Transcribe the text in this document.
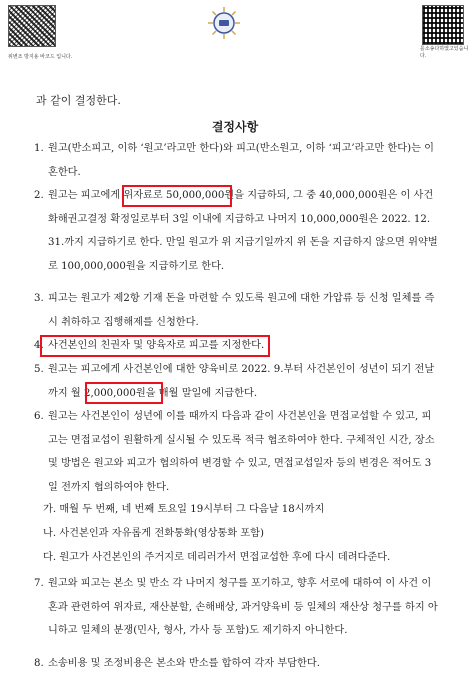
위변조 방지용 바코드 입니다.
를소송다하였고있습니다.
과 같이 결정한다.
결정사항
1. 원고(반소피고, 이하 ‘원고’라고만 한다)와 피고(반소원고, 이하 ‘피고’라고만 한다)는 이혼한다.
2. 원고는 피고에게 위자료로 50,000,000원을 지급하되, 그 중 40,000,000원은 이 사건 화해권고결정 확정일로부터 3일 이내에 지급하고 나머지 10,000,000원은 2022. 12. 31.까지 지급하기로 한다. 만일 원고가 위 지급기일까지 위 돈을 지급하지 않으면 위약벌로 100,000,000원을 지급하기로 한다.
3. 피고는 원고가 제2항 기재 돈을 마련할 수 있도록 원고에 대한 가압류 등 신청 일체를 즉시 취하하고 집행해제를 신청한다.
4. 사건본인의 친권자 및 양육자로 피고를 지정한다.
5. 원고는 피고에게 사건본인에 대한 양육비로 2022. 9.부터 사건본인이 성년이 되기 전날까지 월 2,000,000원을 매월 말일에 지급한다.
6. 원고는 사건본인이 성년에 이를 때까지 다음과 같이 사건본인을 면접교섭할 수 있고, 피고는 면접교섭이 원활하게 실시될 수 있도록 적극 협조하여야 한다. 구체적인 시간, 장소 및 방법은 원고와 피고가 협의하여 변경할 수 있고, 면접교섭일자 등의 변경은 적어도 3일 전까지 협의하여야 한다.
가. 매월 두 번째, 네 번째 토요일 19시부터 그 다음날 18시까지
나. 사건본인과 자유롭게 전화통화(영상통화 포함)
다. 원고가 사건본인의 주거지로 데리러가서 면접교섭한 후에 다시 데려다준다.
7. 원고와 피고는 본소 및 반소 각 나머지 청구를 포기하고, 향후 서로에 대하여 이 사건 이혼과 관련하여 위자료, 재산분할, 손해배상, 과거양육비 등 일체의 재산상 청구를 하지 아니하고 일체의 분쟁(민사, 형사, 가사 등 포함)도 제기하지 아니한다.
8. 소송비용 및 조정비용은 본소와 반소를 합하여 각자 부담한다.
